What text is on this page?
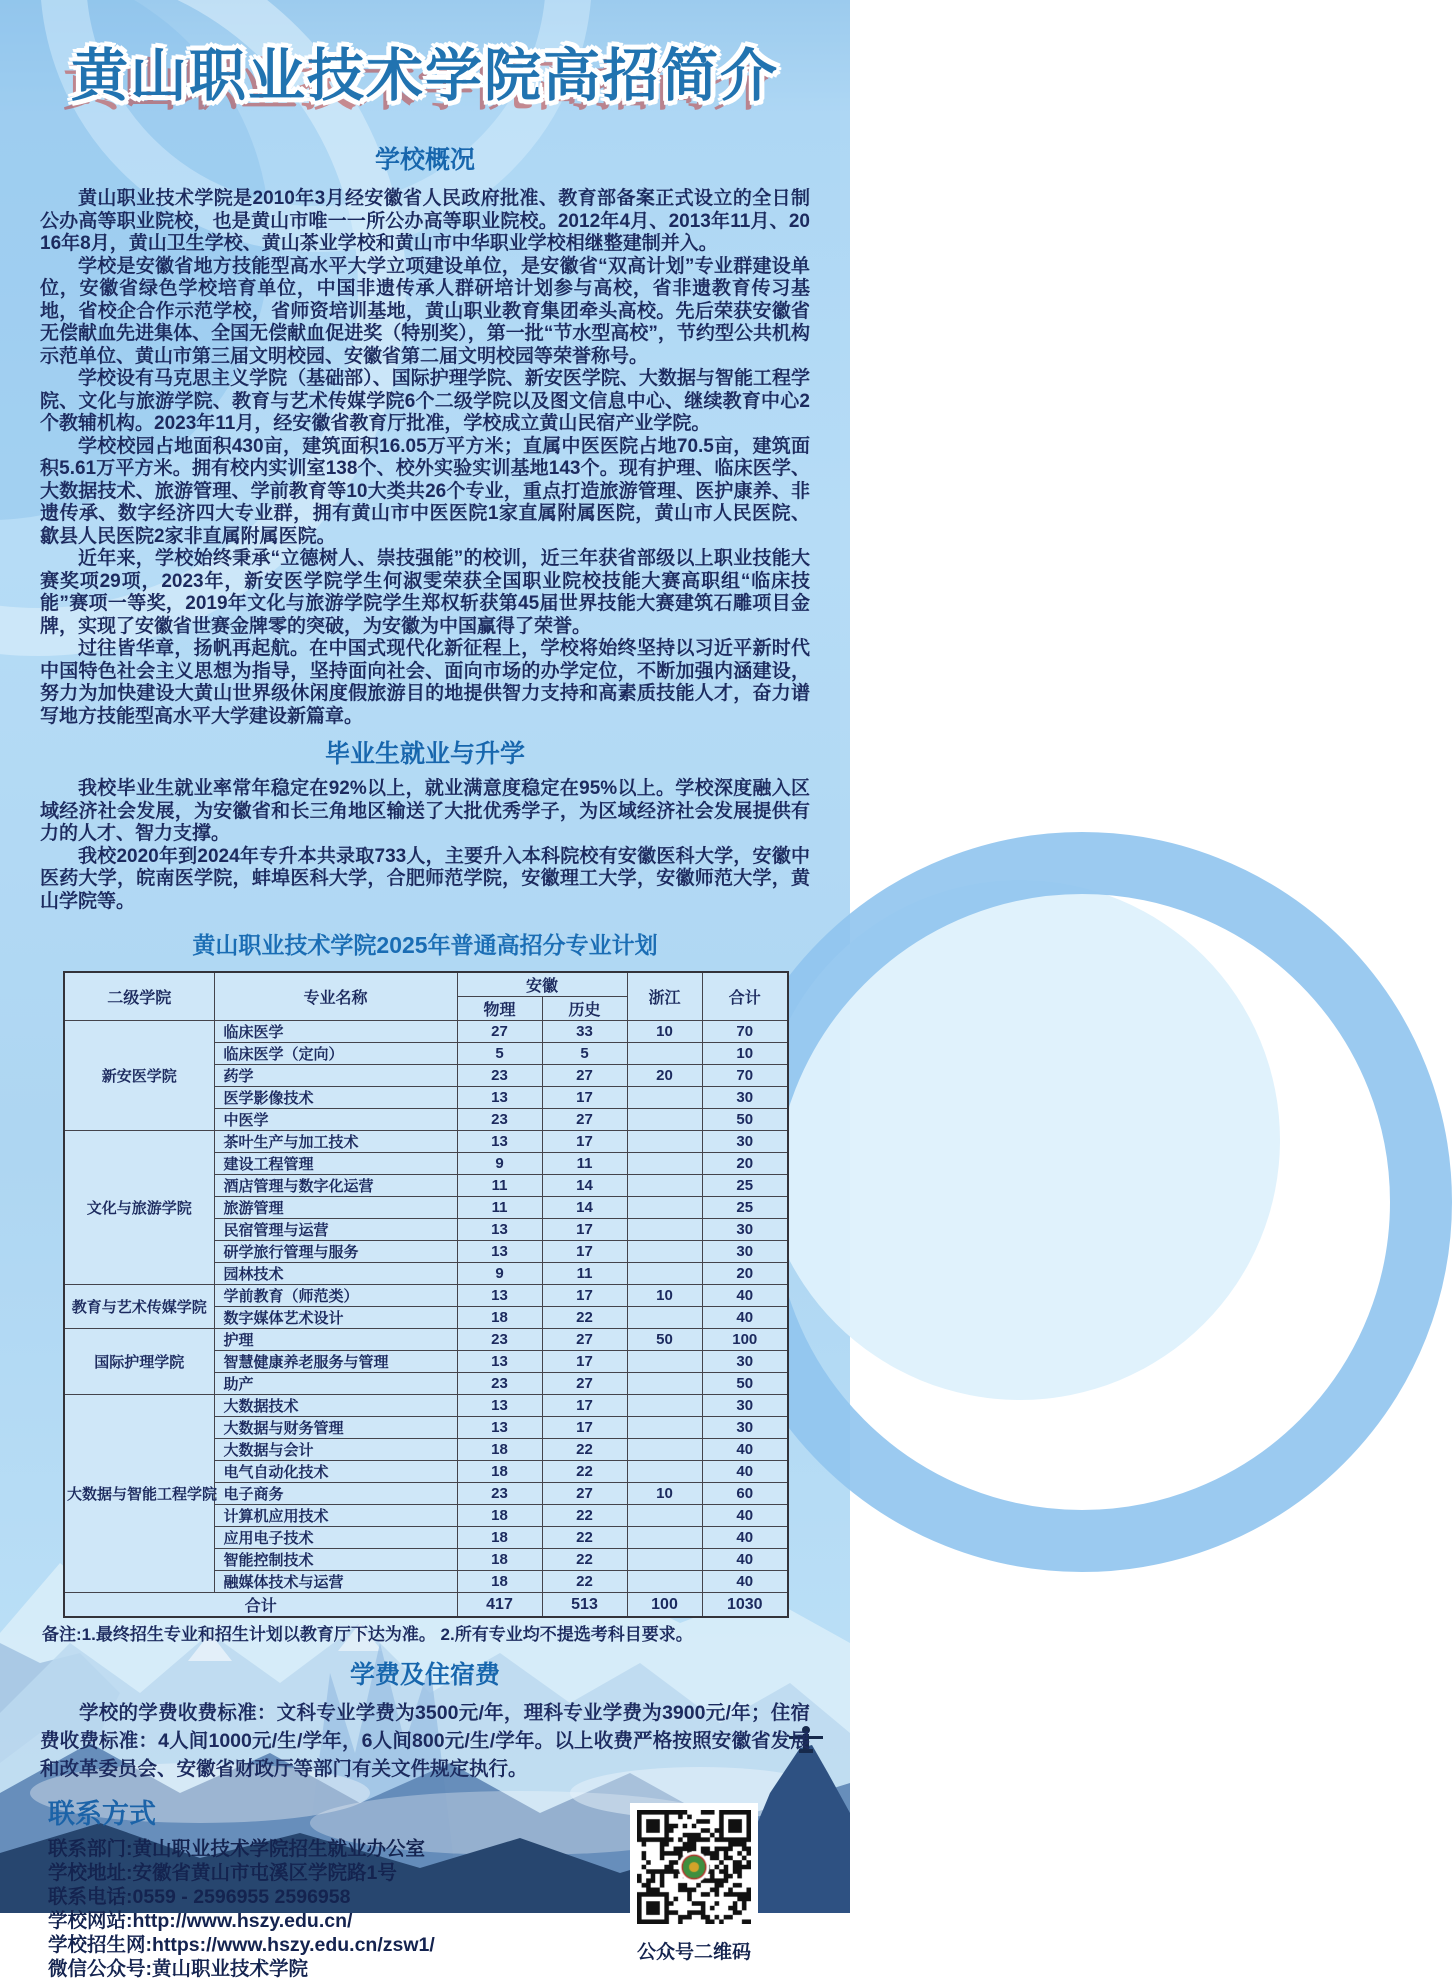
黄山职业技术学院高招简介
学校概况

黄山职业技术学院是2010年3月经安徽省人民政府批准、教育部备案正式设立的全日制公办高等职业院校，也是黄山市唯一一所公办高等职业院校。2012年4月、2013年11月、2016年8月，黄山卫生学校、黄山茶业学校和黄山市中华职业学校相继整建制并入。

学校是安徽省地方技能型高水平大学立项建设单位，是安徽省“双高计划”专业群建设单位，安徽省绿色学校培育单位，中国非遗传承人群研培计划参与高校，省非遗教育传习基地，省校企合作示范学校，省师资培训基地，黄山职业教育集团牵头高校。先后荣获安徽省无偿献血先进集体、全国无偿献血促进奖（特别奖），第一批“节水型高校”，节约型公共机构示范单位、黄山市第三届文明校园、安徽省第二届文明校园等荣誉称号。

学校设有马克思主义学院（基础部）、国际护理学院、新安医学院、大数据与智能工程学院、文化与旅游学院、教育与艺术传媒学院6个二级学院以及图文信息中心、继续教育中心2个教辅机构。2023年11月，经安徽省教育厅批准，学校成立黄山民宿产业学院。

学校校园占地面积430亩，建筑面积16.05万平方米；直属中医医院占地70.5亩，建筑面积5.61万平方米。拥有校内实训室138个、校外实验实训基地143个。现有护理、临床医学、大数据技术、旅游管理、学前教育等10大类共26个专业，重点打造旅游管理、医护康养、非遗传承、数字经济四大专业群，拥有黄山市中医医院1家直属附属医院，黄山市人民医院、歙县人民医院2家非直属附属医院。

近年来，学校始终秉承“立德树人、崇技强能”的校训，近三年获省部级以上职业技能大赛奖项29项，2023年，新安医学院学生何淑雯荣获全国职业院校技能大赛高职组“临床技能”赛项一等奖，2019年文化与旅游学院学生郑权斩获第45届世界技能大赛建筑石雕项目金牌，实现了安徽省世赛金牌零的突破，为安徽为中国赢得了荣誉。

过往皆华章，扬帆再起航。在中国式现代化新征程上，学校将始终坚持以习近平新时代中国特色社会主义思想为指导，坚持面向社会、面向市场的办学定位，不断加强内涵建设，努力为加快建设大黄山世界级休闲度假旅游目的地提供智力支持和高素质技能人才，奋力谱写地方技能型高水平大学建设新篇章。

毕业生就业与升学

我校毕业生就业率常年稳定在92%以上，就业满意度稳定在95%以上。学校深度融入区域经济社会发展，为安徽省和长三角地区输送了大批优秀学子，为区域经济社会发展提供有力的人才、智力支撑。

我校2020年到2024年专升本共录取733人，主要升入本科院校有安徽医科大学，安徽中医药大学，皖南医学院，蚌埠医科大学，合肥师范学院，安徽理工大学，安徽师范大学，黄山学院等。

黄山职业技术学院2025年普通高招分专业计划
二级学院	专业名称	安徽		浙江	合计
		物理	历史		
新安医学院	临床医学	27	33	10	70
	临床医学（定向）	5	5		10
	药学	23	27	20	70
	医学影像技术	13	17		30
	中医学	23	27		50
文化与旅游学院	茶叶生产与加工技术	13	17		30
	建设工程管理	9	11		20
	酒店管理与数字化运营	11	14		25
	旅游管理	11	14		25
	民宿管理与运营	13	17		30
	研学旅行管理与服务	13	17		30
	园林技术	9	11		20
教育与艺术传媒学院	学前教育（师范类）	13	17	10	40
	数字媒体艺术设计	18	22		40
国际护理学院	护理	23	27	50	100
	智慧健康养老服务与管理	13	17		30
	助产	23	27		50
大数据与智能工程学院	大数据技术	13	17		30
	大数据与财务管理	13	17		30
	大数据与会计	18	22		40
	电气自动化技术	18	22		40
	电子商务	23	27	10	60
	计算机应用技术	18	22		40
	应用电子技术	18	22		40
	智能控制技术	18	22		40
	融媒体技术与运营	18	22		40
合计		417	513	100	1030
备注:1.最终招生专业和招生计划以教育厅下达为准。 2.所有专业均不提选考科目要求。
学费及住宿费

学校的学费收费标准：文科专业学费为3500元/年，理科专业学费为3900元/年；住宿费收费标准：4人间1000元/生/学年，6人间800元/生/学年。以上收费严格按照安徽省发展和改革委员会、安徽省财政厅等部门有关文件规定执行。

联系方式
联系部门:黄山职业技术学院招生就业办公室
学校地址:安徽省黄山市屯溪区学院路1号
联系电话:0559 - 2596955 2596958
学校网站:http://www.hszy.edu.cn/
学校招生网:https://www.hszy.edu.cn/zsw1/
微信公众号:黄山职业技术学院
公众号二维码
